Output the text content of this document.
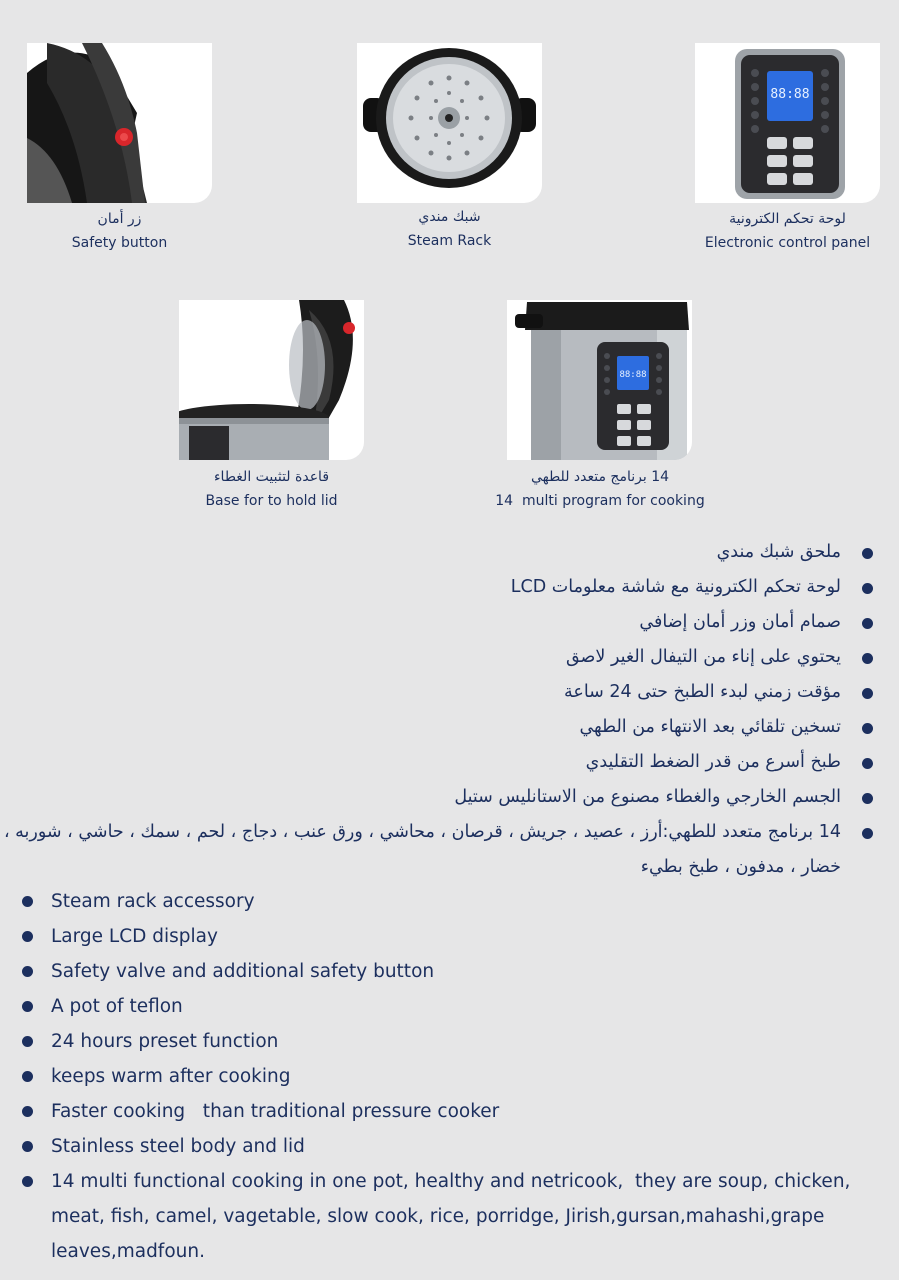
88:88
زر أمان
Safety button
شبك مندي
Steam Rack
لوحة تحكم الكترونية
Electronic control panel
88:88
قاعدة لتثبيت الغطاء
Base for to hold lid
14 برنامج متعدد للطهي
14  multi program for cooking
ملحق شبك مندي
لوحة تحكم الكترونية مع شاشة معلومات LCD
صمام أمان وزر أمان إضافي
يحتوي على إناء من التيفال الغير لاصق
مؤقت زمني لبدء الطبخ حتى 24 ساعة
تسخين تلقائي بعد الانتهاء من الطهي
طبخ أسرع من قدر الضغط التقليدي
الجسم الخارجي والغطاء مصنوع من الاستانليس ستيل
14 برنامج متعدد للطهي:أرز ، عصيد ، جريش ، قرصان ، محاشي ، ورق عنب ، دجاج ، لحم ، سمك ، حاشي ، شوربه ، خضار ، مدفون ، طبخ بطيء
Steam rack accessory
Large LCD display
Safety valve and additional safety button
A pot of teflon
24 hours preset function
keeps warm after cooking
Faster cooking   than traditional pressure cooker
Stainless steel body and lid
14 multi functional cooking in one pot, healthy and netricook,  they are soup, chicken, meat, fish, camel, vagetable, slow cook, rice, porridge, Jirish,gursan,mahashi,grape leaves,madfoun.
